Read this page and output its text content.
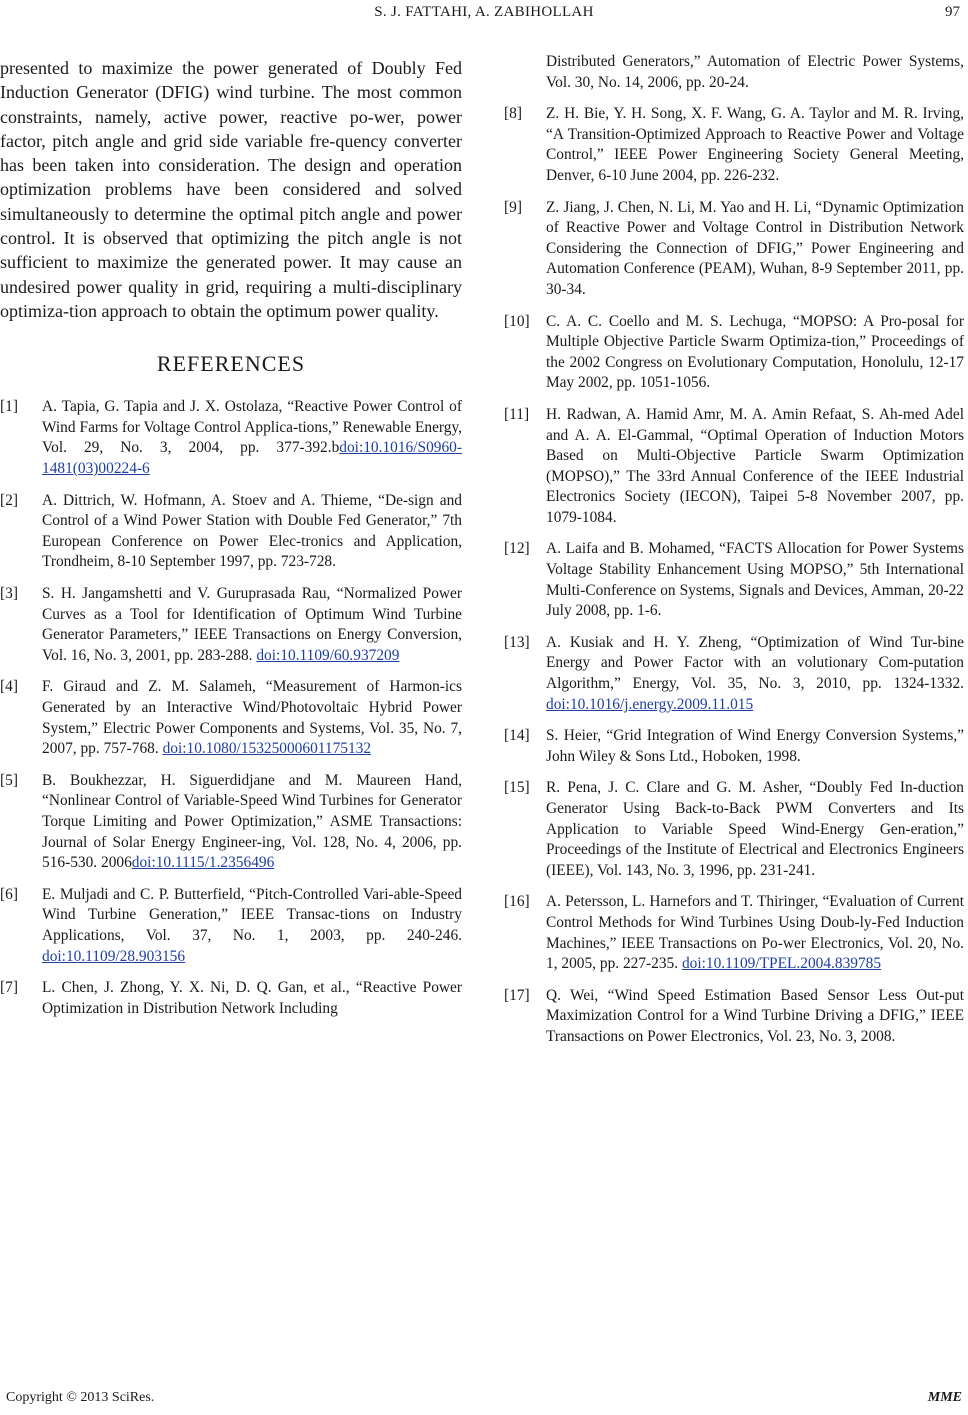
S. J. FATTAHI, A. ZABIHOLLAH	97

presented to maximize the power generated of Doubly Fed Induction Generator (DFIG) wind turbine. The most common constraints, namely, active power, reactive po-wer, power factor, pitch angle and grid side variable fre-quency converter has been taken into consideration. The design and operation optimization problems have been considered and solved simultaneously to determine the optimal pitch angle and power control. It is observed that optimizing the pitch angle is not sufficient to maximize the generated power. It may cause an undesired power quality in grid, requiring a multi-disciplinary optimiza-tion approach to obtain the optimum power quality.

REFERENCES
[1]	A. Tapia, G. Tapia and J. X. Ostolaza, “Reactive Power Control of Wind Farms for Voltage Control Applica-tions,” Renewable Energy, Vol. 29, No. 3, 2004, pp. 377-392.bdoi:10.1016/S0960-1481(03)00224-6
[2]	A. Dittrich, W. Hofmann, A. Stoev and A. Thieme, “De-sign and Control of a Wind Power Station with Double Fed Generator,” 7th European Conference on Power Elec-tronics and Application, Trondheim, 8-10 September 1997, pp. 723-728.
[3]	S. H. Jangamshetti and V. Guruprasada Rau, “Normalized Power Curves as a Tool for Identification of Optimum Wind Turbine Generator Parameters,” IEEE Transactions on Energy Conversion, Vol. 16, No. 3, 2001, pp. 283-288. doi:10.1109/60.937209
[4]	F. Giraud and Z. M. Salameh, “Measurement of Harmon-ics Generated by an Interactive Wind/Photovoltaic Hybrid Power System,” Electric Power Components and Systems, Vol. 35, No. 7, 2007, pp. 757-768. doi:10.1080/15325000601175132
[5]	B. Boukhezzar, H. Siguerdidjane and M. Maureen Hand, “Nonlinear Control of Variable-Speed Wind Turbines for Generator Torque Limiting and Power Optimization,” ASME Transactions: Journal of Solar Energy Engineer-ing, Vol. 128, No. 4, 2006, pp. 516-530. 2006doi:10.1115/1.2356496
[6]	E. Muljadi and C. P. Butterfield, “Pitch-Controlled Vari-able-Speed Wind Turbine Generation,” IEEE Transac-tions on Industry Applications, Vol. 37, No. 1, 2003, pp. 240-246. doi:10.1109/28.903156
[7]	L. Chen, J. Zhong, Y. X. Ni, D. Q. Gan, et al., “Reactive Power Optimization in Distribution Network Including
Distributed Generators,” Automation of Electric Power Systems, Vol. 30, No. 14, 2006, pp. 20-24.
[8]	Z. H. Bie, Y. H. Song, X. F. Wang, G. A. Taylor and M. R. Irving, “A Transition-Optimized Approach to Reactive Power and Voltage Control,” IEEE Power Engineering Society General Meeting, Denver, 6-10 June 2004, pp. 226-232.
[9]	Z. Jiang, J. Chen, N. Li, M. Yao and H. Li, “Dynamic Optimization of Reactive Power and Voltage Control in Distribution Network Considering the Connection of DFIG,” Power Engineering and Automation Conference (PEAM), Wuhan, 8-9 September 2011, pp. 30-34.
[10]	C. A. C. Coello and M. S. Lechuga, “MOPSO: A Pro-posal for Multiple Objective Particle Swarm Optimiza-tion,” Proceedings of the 2002 Congress on Evolutionary Computation, Honolulu, 12-17 May 2002, pp. 1051-1056.
[11]	H. Radwan, A. Hamid Amr, M. A. Amin Refaat, S. Ah-med Adel and A. A. El-Gammal, “Optimal Operation of Induction Motors Based on Multi-Objective Particle Swarm Optimization (MOPSO),” The 33rd Annual Conference of the IEEE Industrial Electronics Society (IECON), Taipei 5-8 November 2007, pp. 1079-1084.
[12]	A. Laifa and B. Mohamed, “FACTS Allocation for Power Systems Voltage Stability Enhancement Using MOPSO,” 5th International Multi-Conference on Systems, Signals and Devices, Amman, 20-22 July 2008, pp. 1-6.
[13]	A. Kusiak and H. Y. Zheng, “Optimization of Wind Tur-bine Energy and Power Factor with an volutionary Com-putation Algorithm,” Energy, Vol. 35, No. 3, 2010, pp. 1324-1332. doi:10.1016/j.energy.2009.11.015
[14]	S. Heier, “Grid Integration of Wind Energy Conversion Systems,” John Wiley & Sons Ltd., Hoboken, 1998.
[15]	R. Pena, J. C. Clare and G. M. Asher, “Doubly Fed In-duction Generator Using Back-to-Back PWM Converters and Its Application to Variable Speed Wind-Energy Gen-eration,” Proceedings of the Institute of Electrical and Electronics Engineers (IEEE), Vol. 143, No. 3, 1996, pp. 231-241.
[16]	A. Petersson, L. Harnefors and T. Thiringer, “Evaluation of Current Control Methods for Wind Turbines Using Doub-ly-Fed Induction Machines,” IEEE Transactions on Po-wer Electronics, Vol. 20, No. 1, 2005, pp. 227-235. doi:10.1109/TPEL.2004.839785
[17]	Q. Wei, “Wind Speed Estimation Based Sensor Less Out-put Maximization Control for a Wind Turbine Driving a DFIG,” IEEE Transactions on Power Electronics, Vol. 23, No. 3, 2008.
Copyright © 2013 SciRes.	MME
